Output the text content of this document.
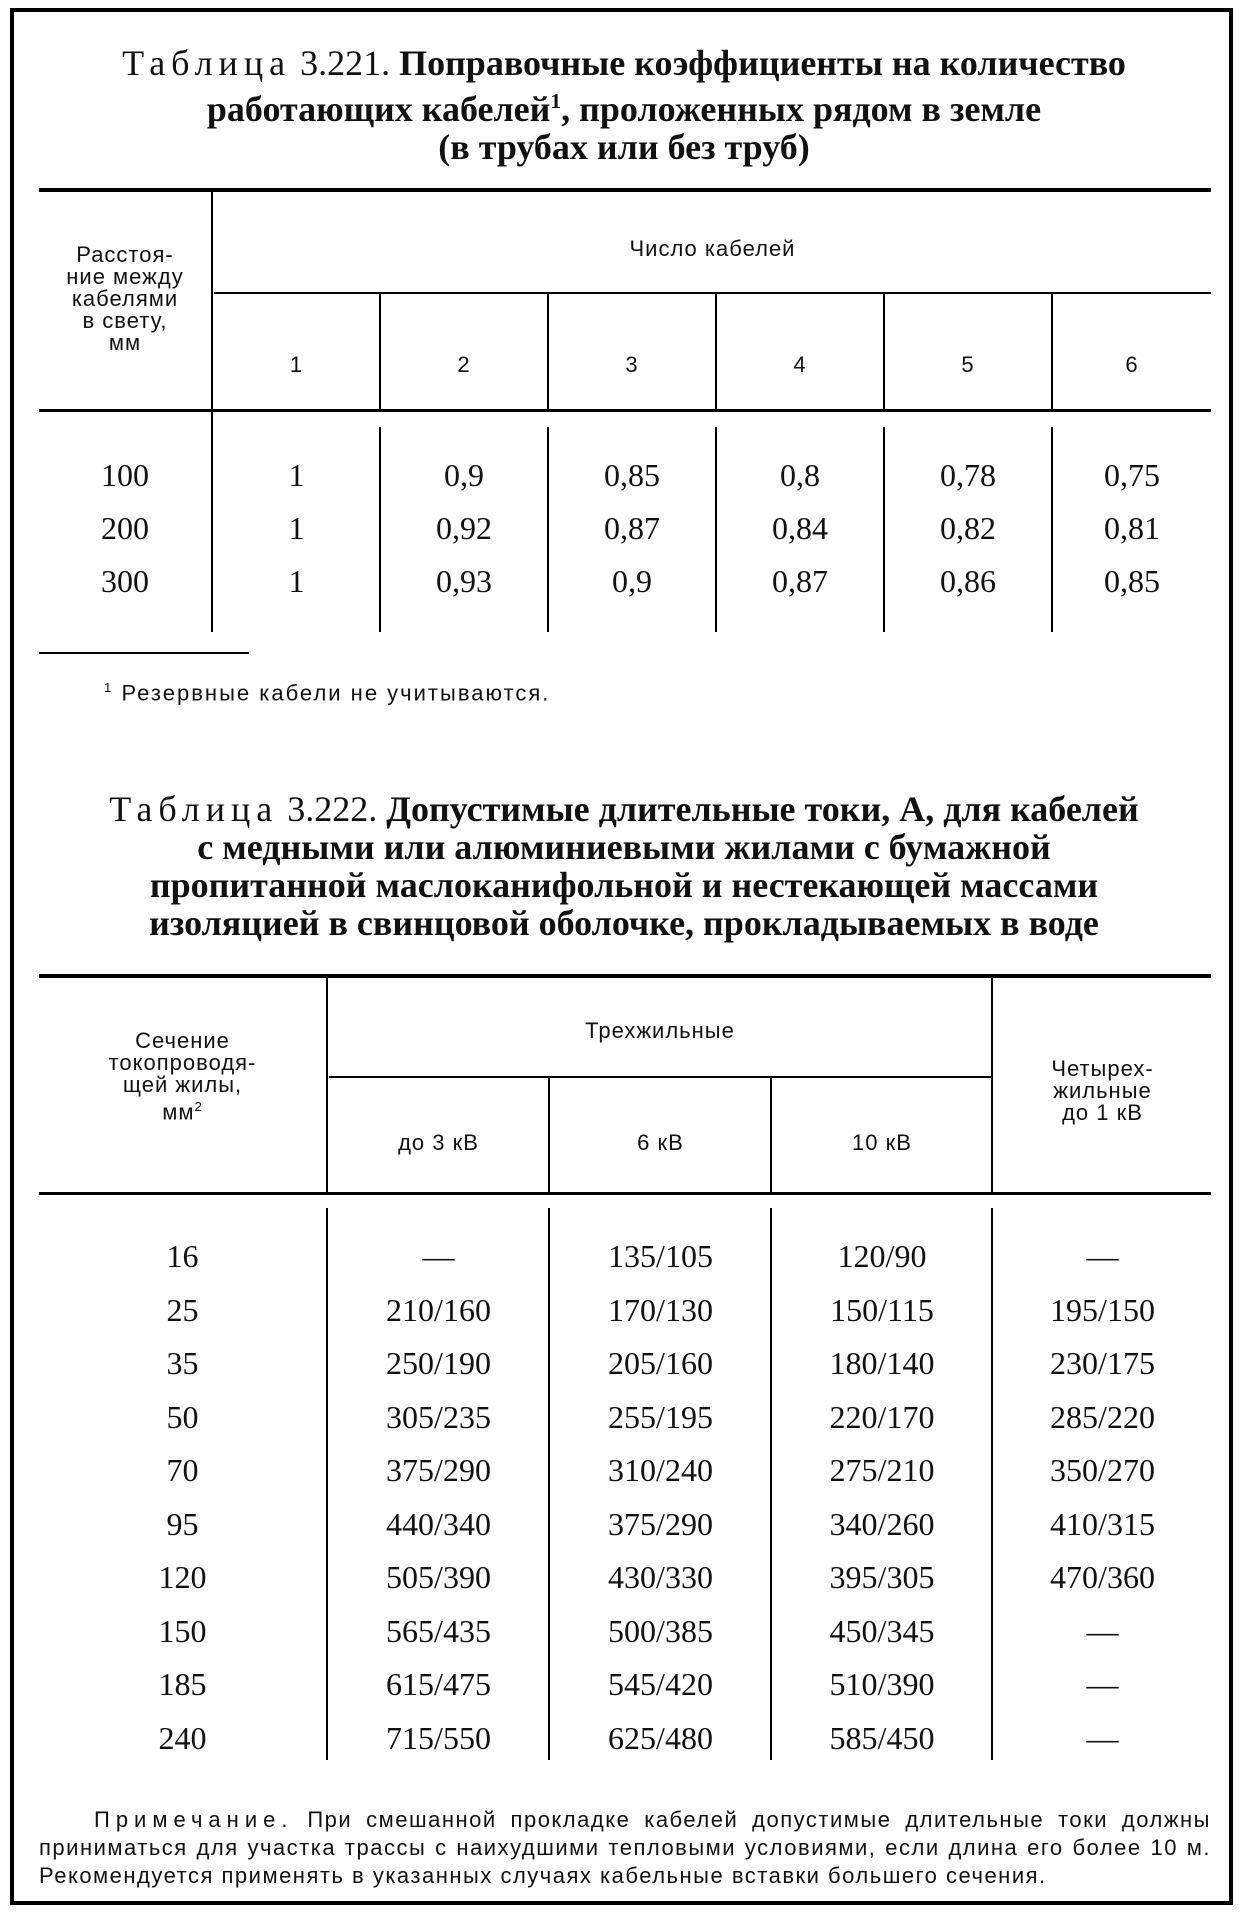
Таблица 3.221. Поправочные коэффициенты на количество
работающих кабелей$^1$, проложенных рядом в земле
(в трубах или без труб)
Расстоя-
ние между
кабелями
в свету,
мм
Число кабелей
1	2	3	4	5	6
100	1	0,9	0,85	0,8	0,78	0,75
200	1	0,92	0,87	0,84	0,82	0,81
300	1	0,93	0,9	0,87	0,86	0,85
$^1$ Резервные кабели не учитываются.
Таблица 3.222. Допустимые длительные токи, А, для кабелей
с медными или алюминиевыми жилами с бумажной
пропитанной маслоканифольной и нестекающей массами
изоляцией в свинцовой оболочке, прокладываемых в воде
Сечение
токопроводя-
щей жилы,
$мм^2$
Трехжильные
до 3 кВ	6 кВ	10 кВ
Четырех-
жильные
до 1 кВ
16	—	135/105	120/90	—
25	210/160	170/130	150/115	195/150
35	250/190	205/160	180/140	230/175
50	305/235	255/195	220/170	285/220
70	375/290	310/240	275/210	350/270
95	440/340	375/290	340/260	410/315
120	505/390	430/330	395/305	470/360
150	565/435	500/385	450/345	—
185	615/475	545/420	510/390	—
240	715/550	625/480	585/450	—
Примечание. При смешанной прокладке кабелей допустимые длительные токи должны приниматься для участка трассы с наихудшими тепловыми условиями, если длина его более 10 м. Рекомендуется применять в указанных случаях кабельные вставки большего сечения.
